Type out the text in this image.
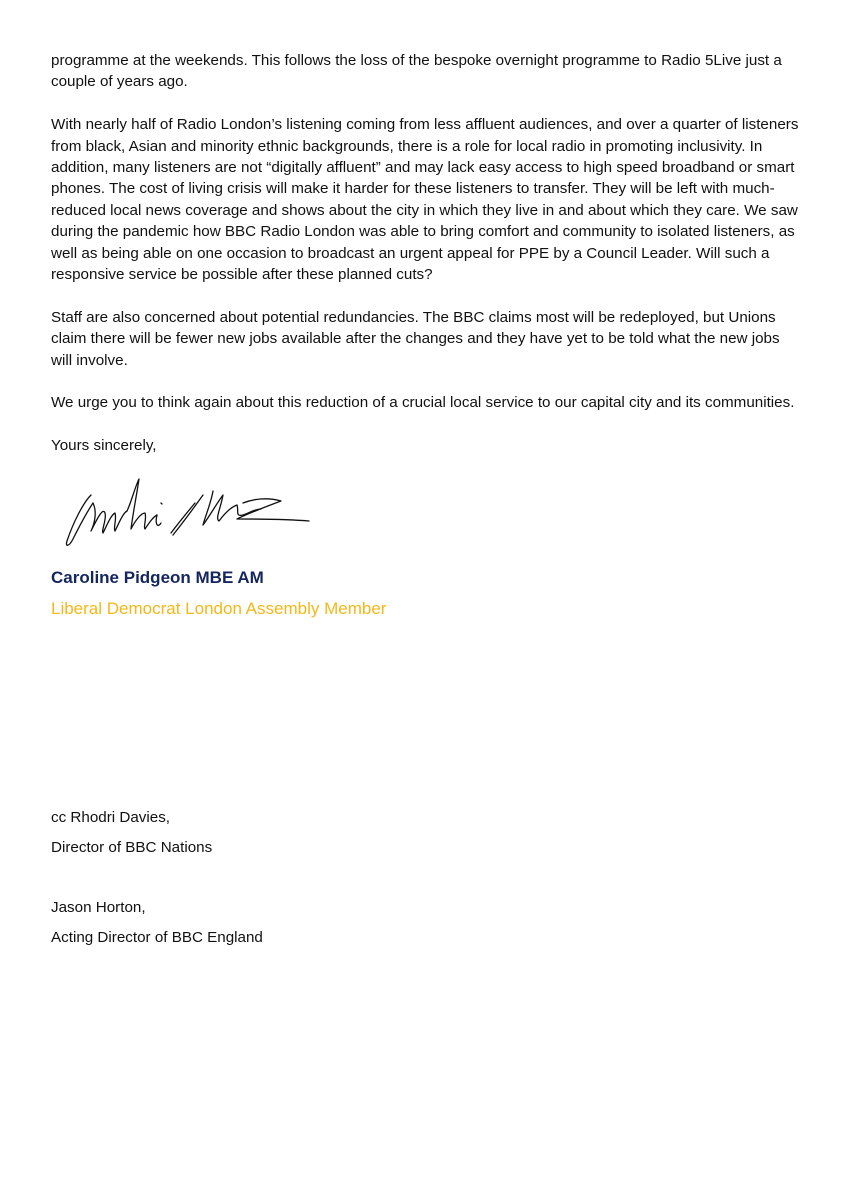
programme at the weekends. This follows the loss of the bespoke overnight programme to Radio 5Live just a couple of years ago.

With nearly half of Radio London’s listening coming from less affluent audiences, and over a quarter of listeners from black, Asian and minority ethnic backgrounds, there is a role for local radio in promoting inclusivity. In addition, many listeners are not “digitally affluent” and may lack easy access to high speed broadband or smart phones. The cost of living crisis will make it harder for these listeners to transfer. They will be left with much-reduced local news coverage and shows about the city in which they live in and about which they care. We saw during the pandemic how BBC Radio London was able to bring comfort and community to isolated listeners, as well as being able on one occasion to broadcast an urgent appeal for PPE by a Council Leader. Will such a responsive service be possible after these planned cuts?

Staff are also concerned about potential redundancies. The BBC claims most will be redeployed, but Unions claim there will be fewer new jobs available after the changes and they have yet to be told what the new jobs will involve.

We urge you to think again about this reduction of a crucial local service to our capital city and its communities.

Yours sincerely,

Caroline Pidgeon MBE AM
Liberal Democrat London Assembly Member

cc Rhodri Davies,

Director of BBC Nations

Jason Horton,

Acting Director of BBC England
